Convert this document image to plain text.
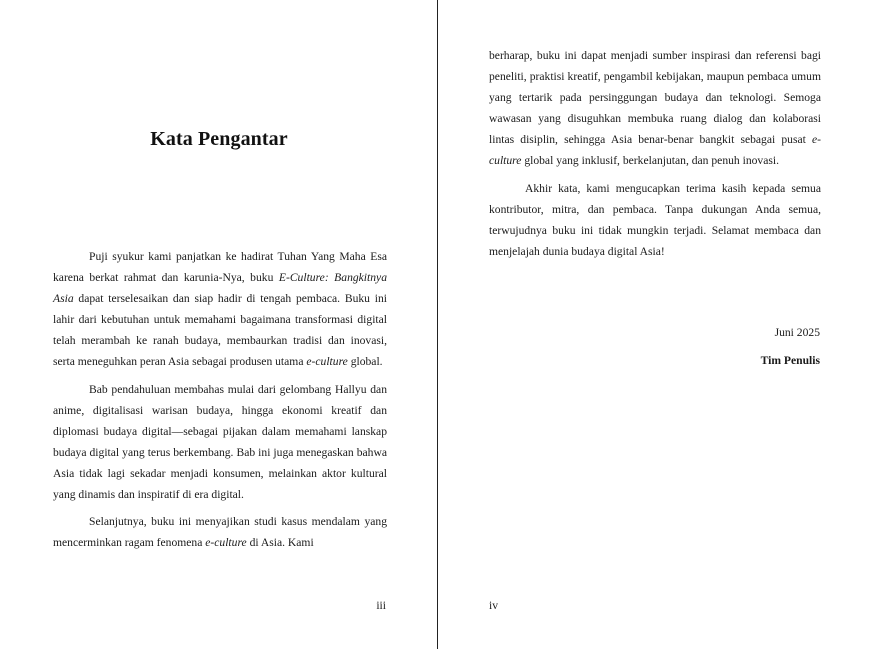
Kata Pengantar

Puji syukur kami panjatkan ke hadirat Tuhan Yang Maha Esa karena berkat rahmat dan karunia-Nya, buku E-Culture: Bangkitnya Asia dapat terselesaikan dan siap hadir di tengah pembaca. Buku ini lahir dari kebutuhan untuk memahami bagaimana transformasi digital telah merambah ke ranah budaya, membaurkan tradisi dan inovasi, serta meneguhkan peran Asia sebagai produsen utama e-culture global.

Bab pendahuluan membahas mulai dari gelombang Hallyu dan anime, digitalisasi warisan budaya, hingga ekonomi kreatif dan diplomasi budaya digital—sebagai pijakan dalam memahami lanskap budaya digital yang terus berkembang. Bab ini juga menegaskan bahwa Asia tidak lagi sekadar menjadi konsumen, melainkan aktor kultural yang dinamis dan inspiratif di era digital.

Selanjutnya, buku ini menyajikan studi kasus mendalam yang mencerminkan ragam fenomena e-culture di Asia. Kami

iii

berharap, buku ini dapat menjadi sumber inspirasi dan referensi bagi peneliti, praktisi kreatif, pengambil kebijakan, maupun pembaca umum yang tertarik pada persinggungan budaya dan teknologi. Semoga wawasan yang disuguhkan membuka ruang dialog dan kolaborasi lintas disiplin, sehingga Asia benar-benar bangkit sebagai pusat e-culture global yang inklusif, berkelanjutan, dan penuh inovasi.

Akhir kata, kami mengucapkan terima kasih kepada semua kontributor, mitra, dan pembaca. Tanpa dukungan Anda semua, terwujudnya buku ini tidak mungkin terjadi. Selamat membaca dan menjelajah dunia budaya digital Asia!

Juni 2025
Tim Penulis
iv
